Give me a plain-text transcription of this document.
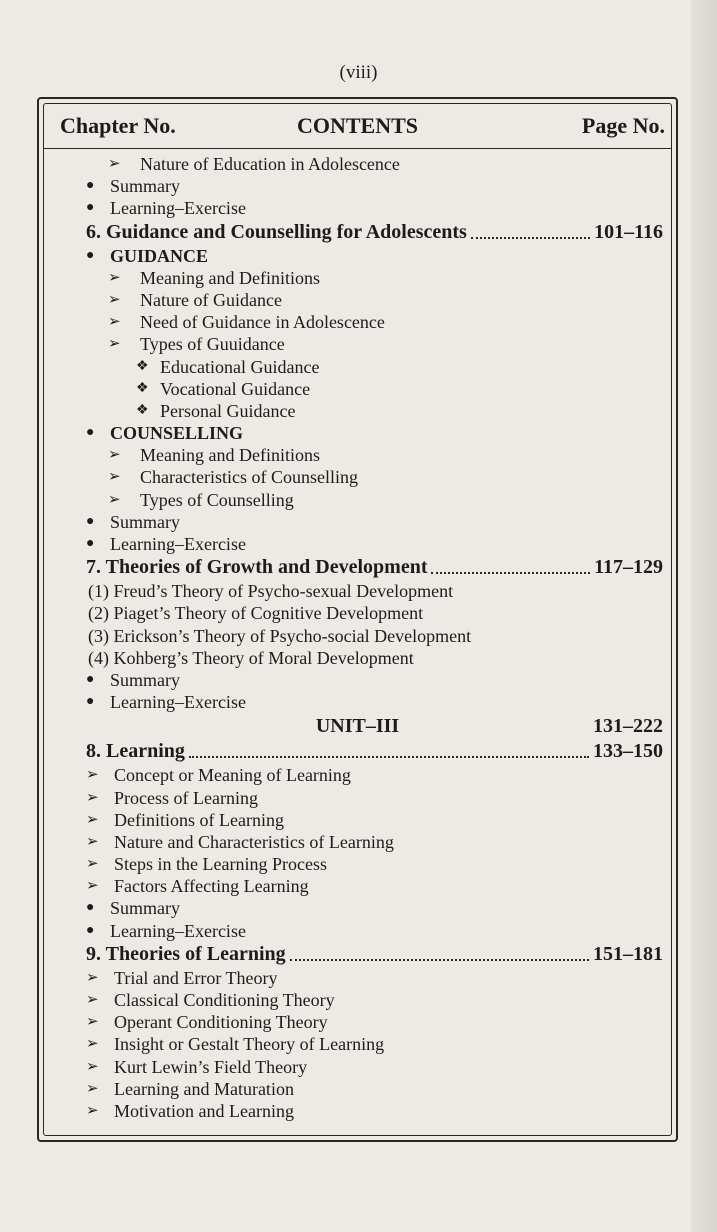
(viii)
Chapter No.	CONTENTS	Page No.
➢ Nature of Education in Adolescence
● Summary
● Learning–Exercise
6. Guidance and Counselling for Adolescents	101–116
● GUIDANCE
➢ Meaning and Definitions
➢ Nature of Guidance
➢ Need of Guidance in Adolescence
➢ Types of Guuidance
❖ Educational Guidance
❖ Vocational Guidance
❖ Personal Guidance
● COUNSELLING
➢ Meaning and Definitions
➢ Characteristics of Counselling
➢ Types of Counselling
● Summary
● Learning–Exercise
7. Theories of Growth and Development	117–129
(1) Freud’s Theory of Psycho-sexual Development
(2) Piaget’s Theory of Cognitive Development
(3) Erickson’s Theory of Psycho-social Development
(4) Kohberg’s Theory of Moral Development
● Summary
● Learning–Exercise
UNIT–III	131–222
8. Learning	133–150
➢ Concept or Meaning of Learning
➢ Process of Learning
➢ Definitions of Learning
➢ Nature and Characteristics of Learning
➢ Steps in the Learning Process
➢ Factors Affecting Learning
● Summary
● Learning–Exercise
9. Theories of Learning	151–181
➢ Trial and Error Theory
➢ Classical Conditioning Theory
➢ Operant Conditioning Theory
➢ Insight or Gestalt Theory of Learning
➢ Kurt Lewin’s Field Theory
➢ Learning and Maturation
➢ Motivation and Learning
